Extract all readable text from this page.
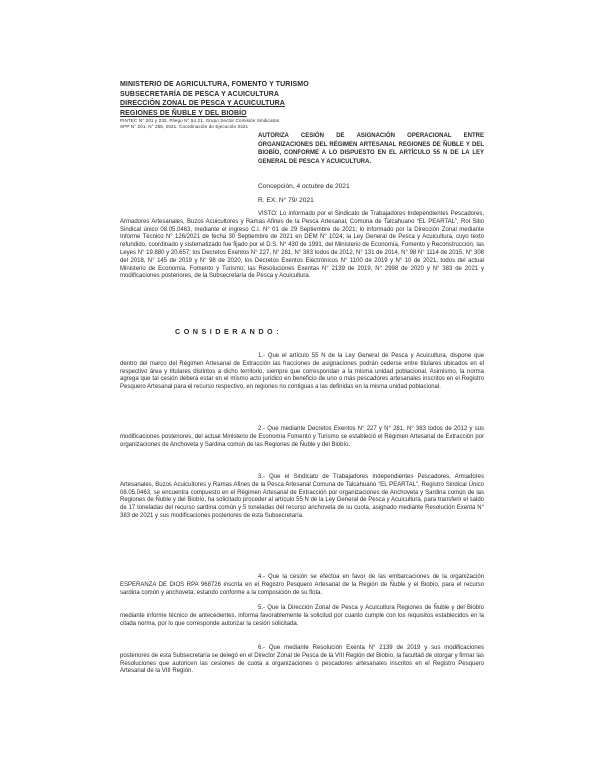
MINISTERIO DE AGRICULTURA, FOMENTO Y TURISMO
SUBSECRETARÍA DE PESCA Y ACUICULTURA
DIRECCIÓN ZONAL DE PESCA Y ACUICULTURA
REGIONES DE ÑUBLE Y DEL BIOBÍO
PINTEC N° 201 y 232. Pliego N° 54.21. Grupo Sector Comisión Sindicatos
SPP N° 201, N° 255, 2021. Coordinación de Ejecución 0421
AUTORIZA CESIÓN DE ASIGNACIÓN OPERACIONAL ENTRE ORGANIZACIONES DEL RÉGIMEN ARTESANAL REGIONES DE ÑUBLE Y DEL BIOBÍO, CONFORME A LO DISPUESTO EN EL ARTÍCULO 55 N DE LA LEY GENERAL DE PESCA Y ACUICULTURA.
Concepción, 4 octubre de 2021
R. EX. N° 79/ 2021
VISTO: Lo informado por el Sindicato de Trabajadores Independientes Pescadores, Armadores Artesanales, Buzos Acuicultores y Ramas Afines de la Pesca Artesanal, Comuna de Talcahuano “EL PEARTAL”, Rol Sitio Sindical único 08.05.0463, mediante el ingreso C.I. N° 01 de 29 Septiembre de 2021; lo informado por la Dirección Zonal mediante Informe Técnico N° 126/2021 de fecha 30 Septiembre de 2021 en DEM N° 1024; la Ley General de Pesca y Acuicultura, cuyo texto refundido, coordinado y sistematizado fue fijado por el D.S. N° 430 de 1991, del Ministerio de Economía, Fomento y Reconstrucción; las Leyes N° 19.880 y 20.657; los Decretos Exentos N° 227, N° 281, N° 383 todos de 2012, N° 131 de 2014, N° 98 N° 1114 de 2015, N° 308 del 2018, N° 145 de 2019 y N° 98 de 2020, los Decretos Exentos Electrónicos N° 1100 de 2019 y N° 10 de 2021, todos del actual Ministerio de Economía, Fomento y Turismo; las Resoluciones Exentas N° 2139 de 2019, N° 2998 de 2020 y N° 383 de 2021 y modificaciones posteriores, de la Subsecretaría de Pesca y Acuicultura.
CONSIDERANDO:
1.- Que el artículo 55 N de la Ley General de Pesca y Acuicultura, dispone que dentro del marco del Régimen Artesanal de Extracción las fracciones de asignaciones podrán cederse entre titulares ubicados en el respectivo área y titulares distintos a dicho territorio, siempre que correspondan a la misma unidad poblacional. Asimismo, la norma agrega que tal cesión deberá estar en el mismo acto jurídico en beneficio de uno o más pescadores artesanales inscritos en el Registro Pesquero Artesanal para el recurso respectivo, en regiones no contiguas a las definidas en la misma unidad poblacional.
2.- Que mediante Decretos Exentos N° 227 y N° 281, N° 383 todos de 2012 y sus modificaciones posteriores, del actual Ministerio de Economía Fomento y Turismo se estableció el Régimen Artesanal de Extracción por organizaciones de Anchoveta y Sardina común de las Regiones de Ñuble y del Biobío.
3.- Que el Sindicato de Trabajadores Independientes Pescadores, Armadores Artesanales, Buzos Acuicultores y Ramas Afines de la Pesca Artesanal Comuna de Talcahuano “EL PEARTAL”, Registro Sindical Único 08.05.0463, se encuentra compuesto en el Régimen Artesanal de Extracción por organizaciones de Anchoveta y Sardina común de las Regiones de Ñuble y del Biobío, ha solicitado proceder al artículo 55 N de la Ley General de Pesca y Acuicultura, para transferir el saldo de 17 toneladas del recurso sardina común y 5 toneladas del recurso anchoveta de su cuota, asignado mediante Resolución Exenta N° 383 de 2021 y sus modificaciones posteriores de esta Subsecretaría.
4.- Que la cesión se efectúa en favor de las embarcaciones de la organización ESPERANZA DE DIOS RPA 968726 inscrita en el Registro Pesquero Artesanal de la Región de Ñuble y el Biobío, para el recurso sardina común y anchoveta, estando conforme a la composición de su flota.
5.- Que la Dirección Zonal de Pesca y Acuicultura Regiones de Ñuble y del Biobío mediante informe técnico de antecedentes, informa favorablemente la solicitud por cuanto cumple con los requisitos establecidos en la citada norma, por lo que corresponde autorizar la cesión solicitada.
6.- Que mediante Resolución Exenta N° 2139 de 2019 y sus modificaciones posteriores de esta Subsecretaría se delegó en el Director Zonal de Pesca de la VIII Región del Biobío, la facultad de otorgar y firmar las Resoluciones que autoricen las cesiones de cuota a organizaciones o pescadores artesanales inscritos en el Registro Pesquero Artesanal de la VIII Región.
